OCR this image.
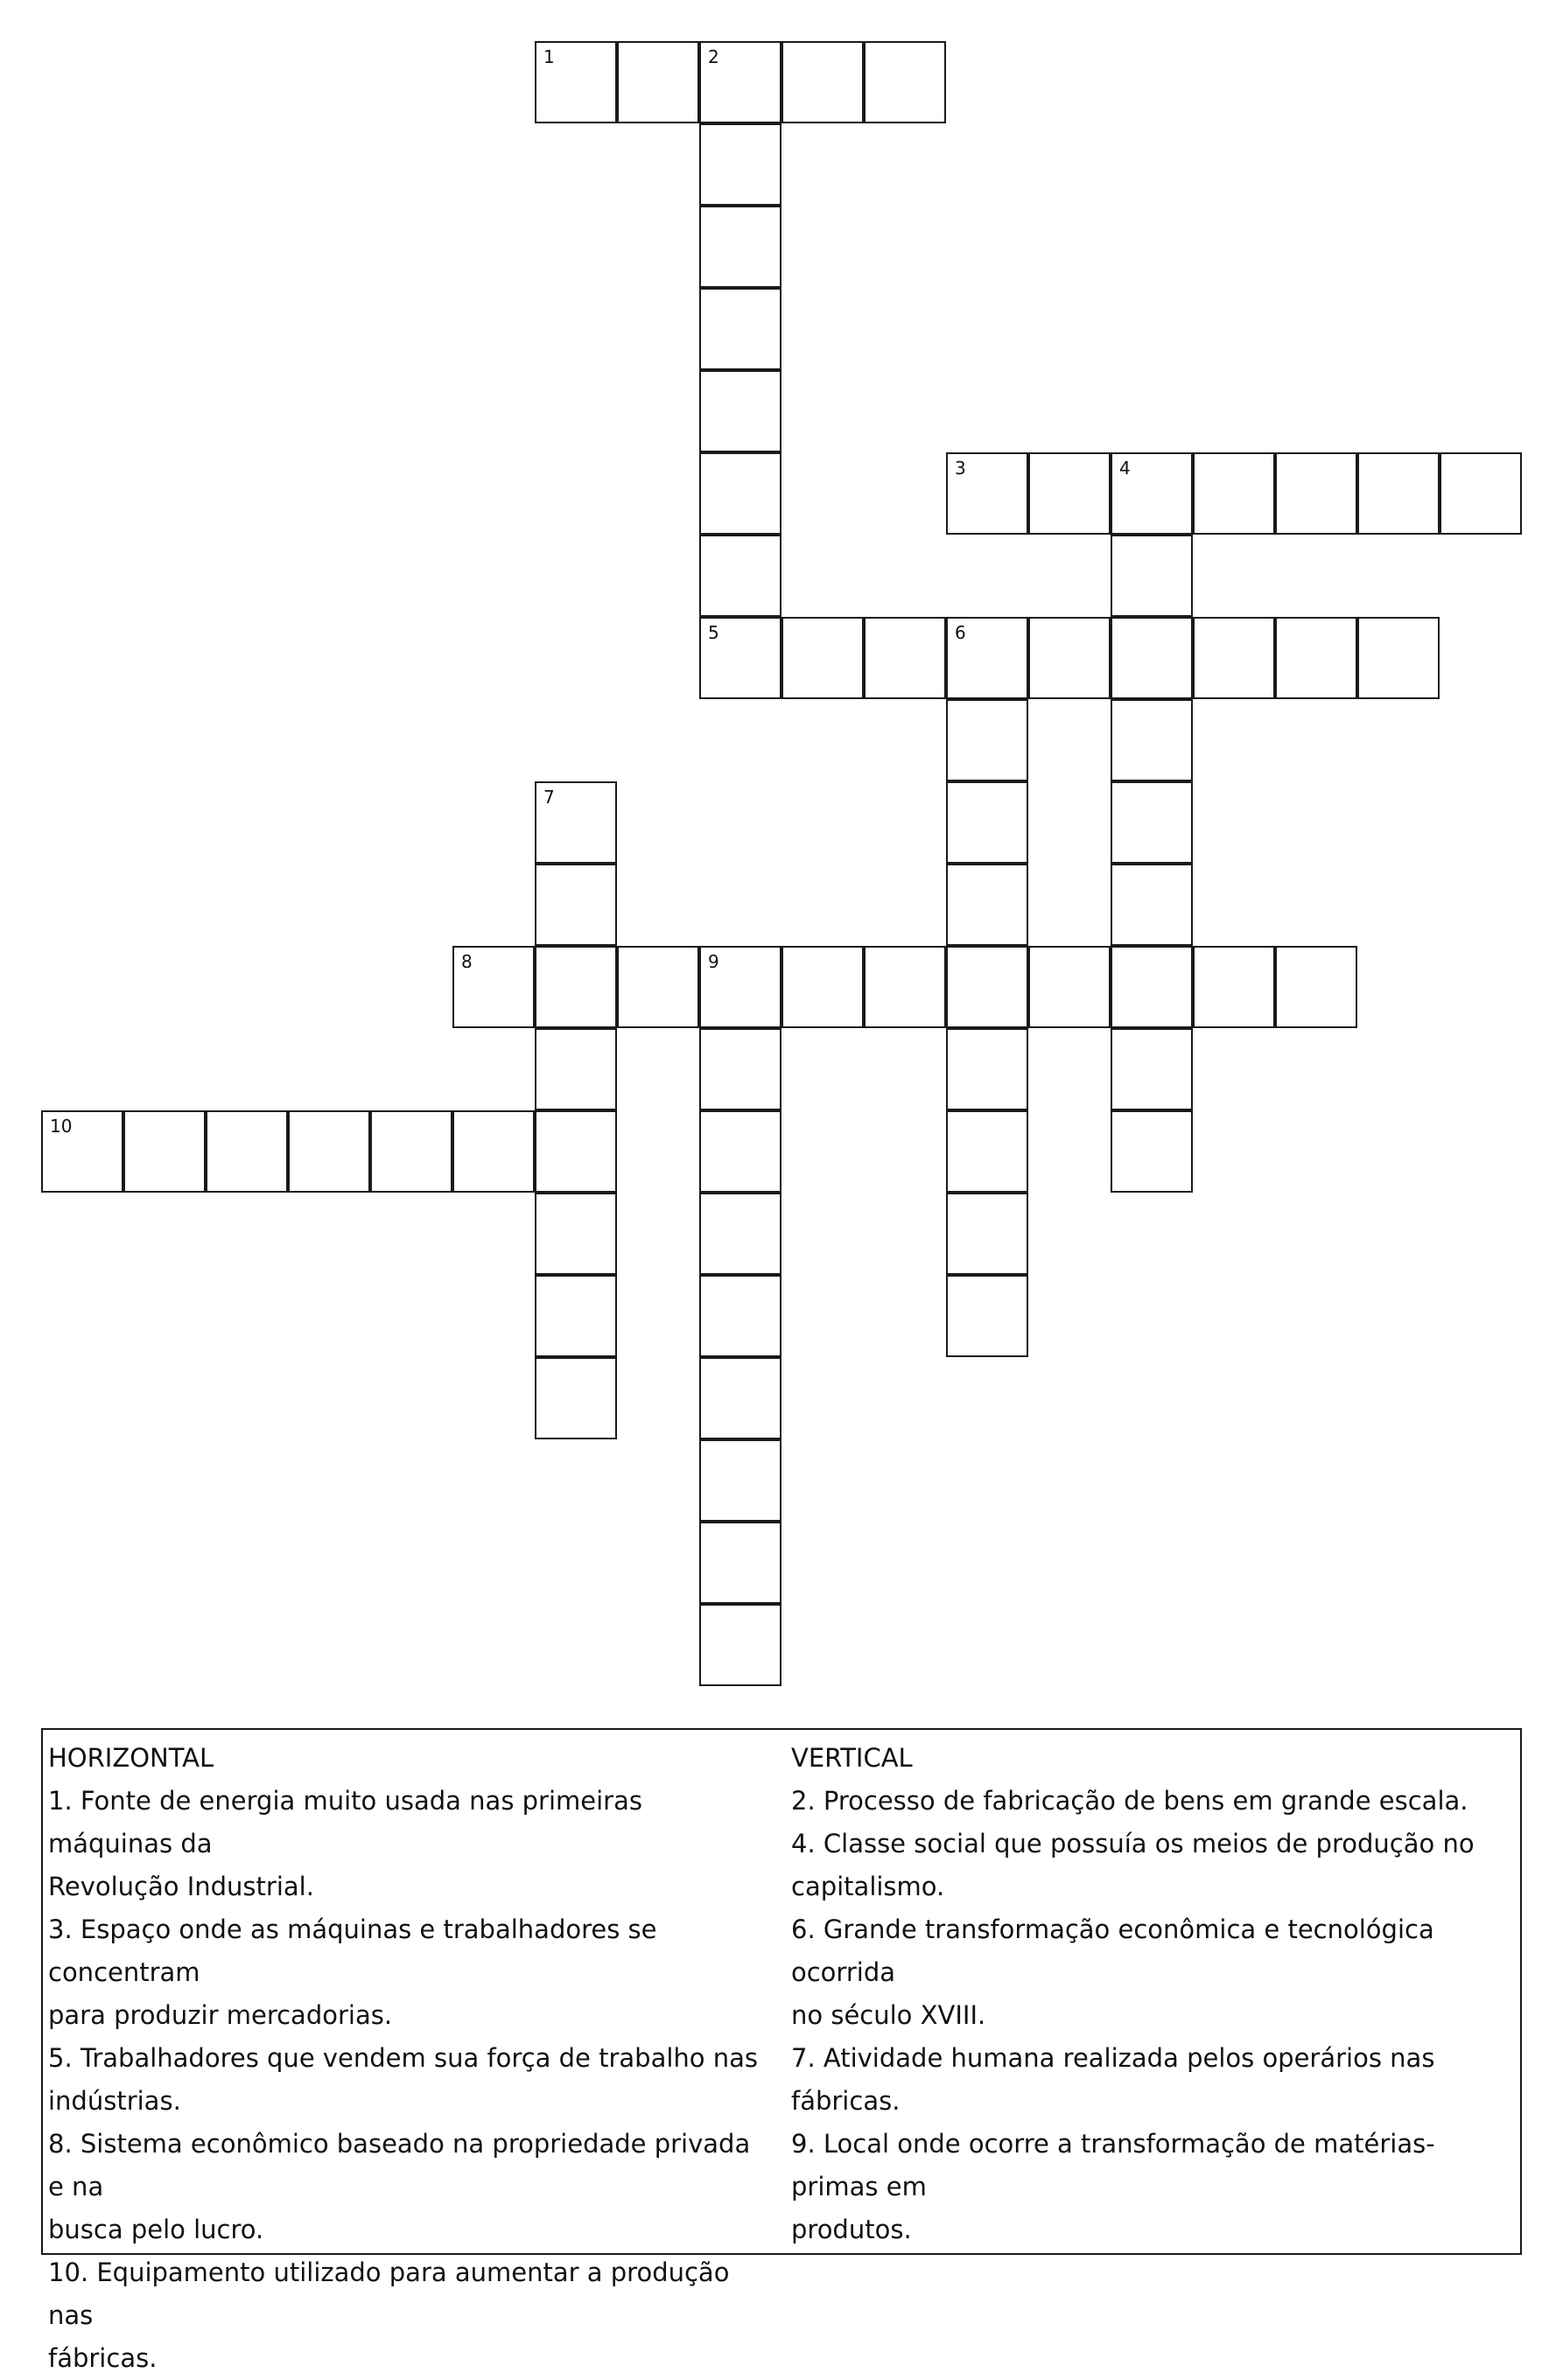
1	2
3	4
5	6
7
8	9
10
HORIZONTAL
1. Fonte de energia muito usada nas primeiras máquinas da
Revolução Industrial.
3. Espaço onde as máquinas e trabalhadores se concentram
para produzir mercadorias.
5. Trabalhadores que vendem sua força de trabalho nas
indústrias.
8. Sistema econômico baseado na propriedade privada e na
busca pelo lucro.
10. Equipamento utilizado para aumentar a produção nas
fábricas.
VERTICAL
2. Processo de fabricação de bens em grande escala.
4. Classe social que possuía os meios de produção no
capitalismo.
6. Grande transformação econômica e tecnológica ocorrida
no século XVIII.
7. Atividade humana realizada pelos operários nas fábricas.
9. Local onde ocorre a transformação de matérias-primas em
produtos.
